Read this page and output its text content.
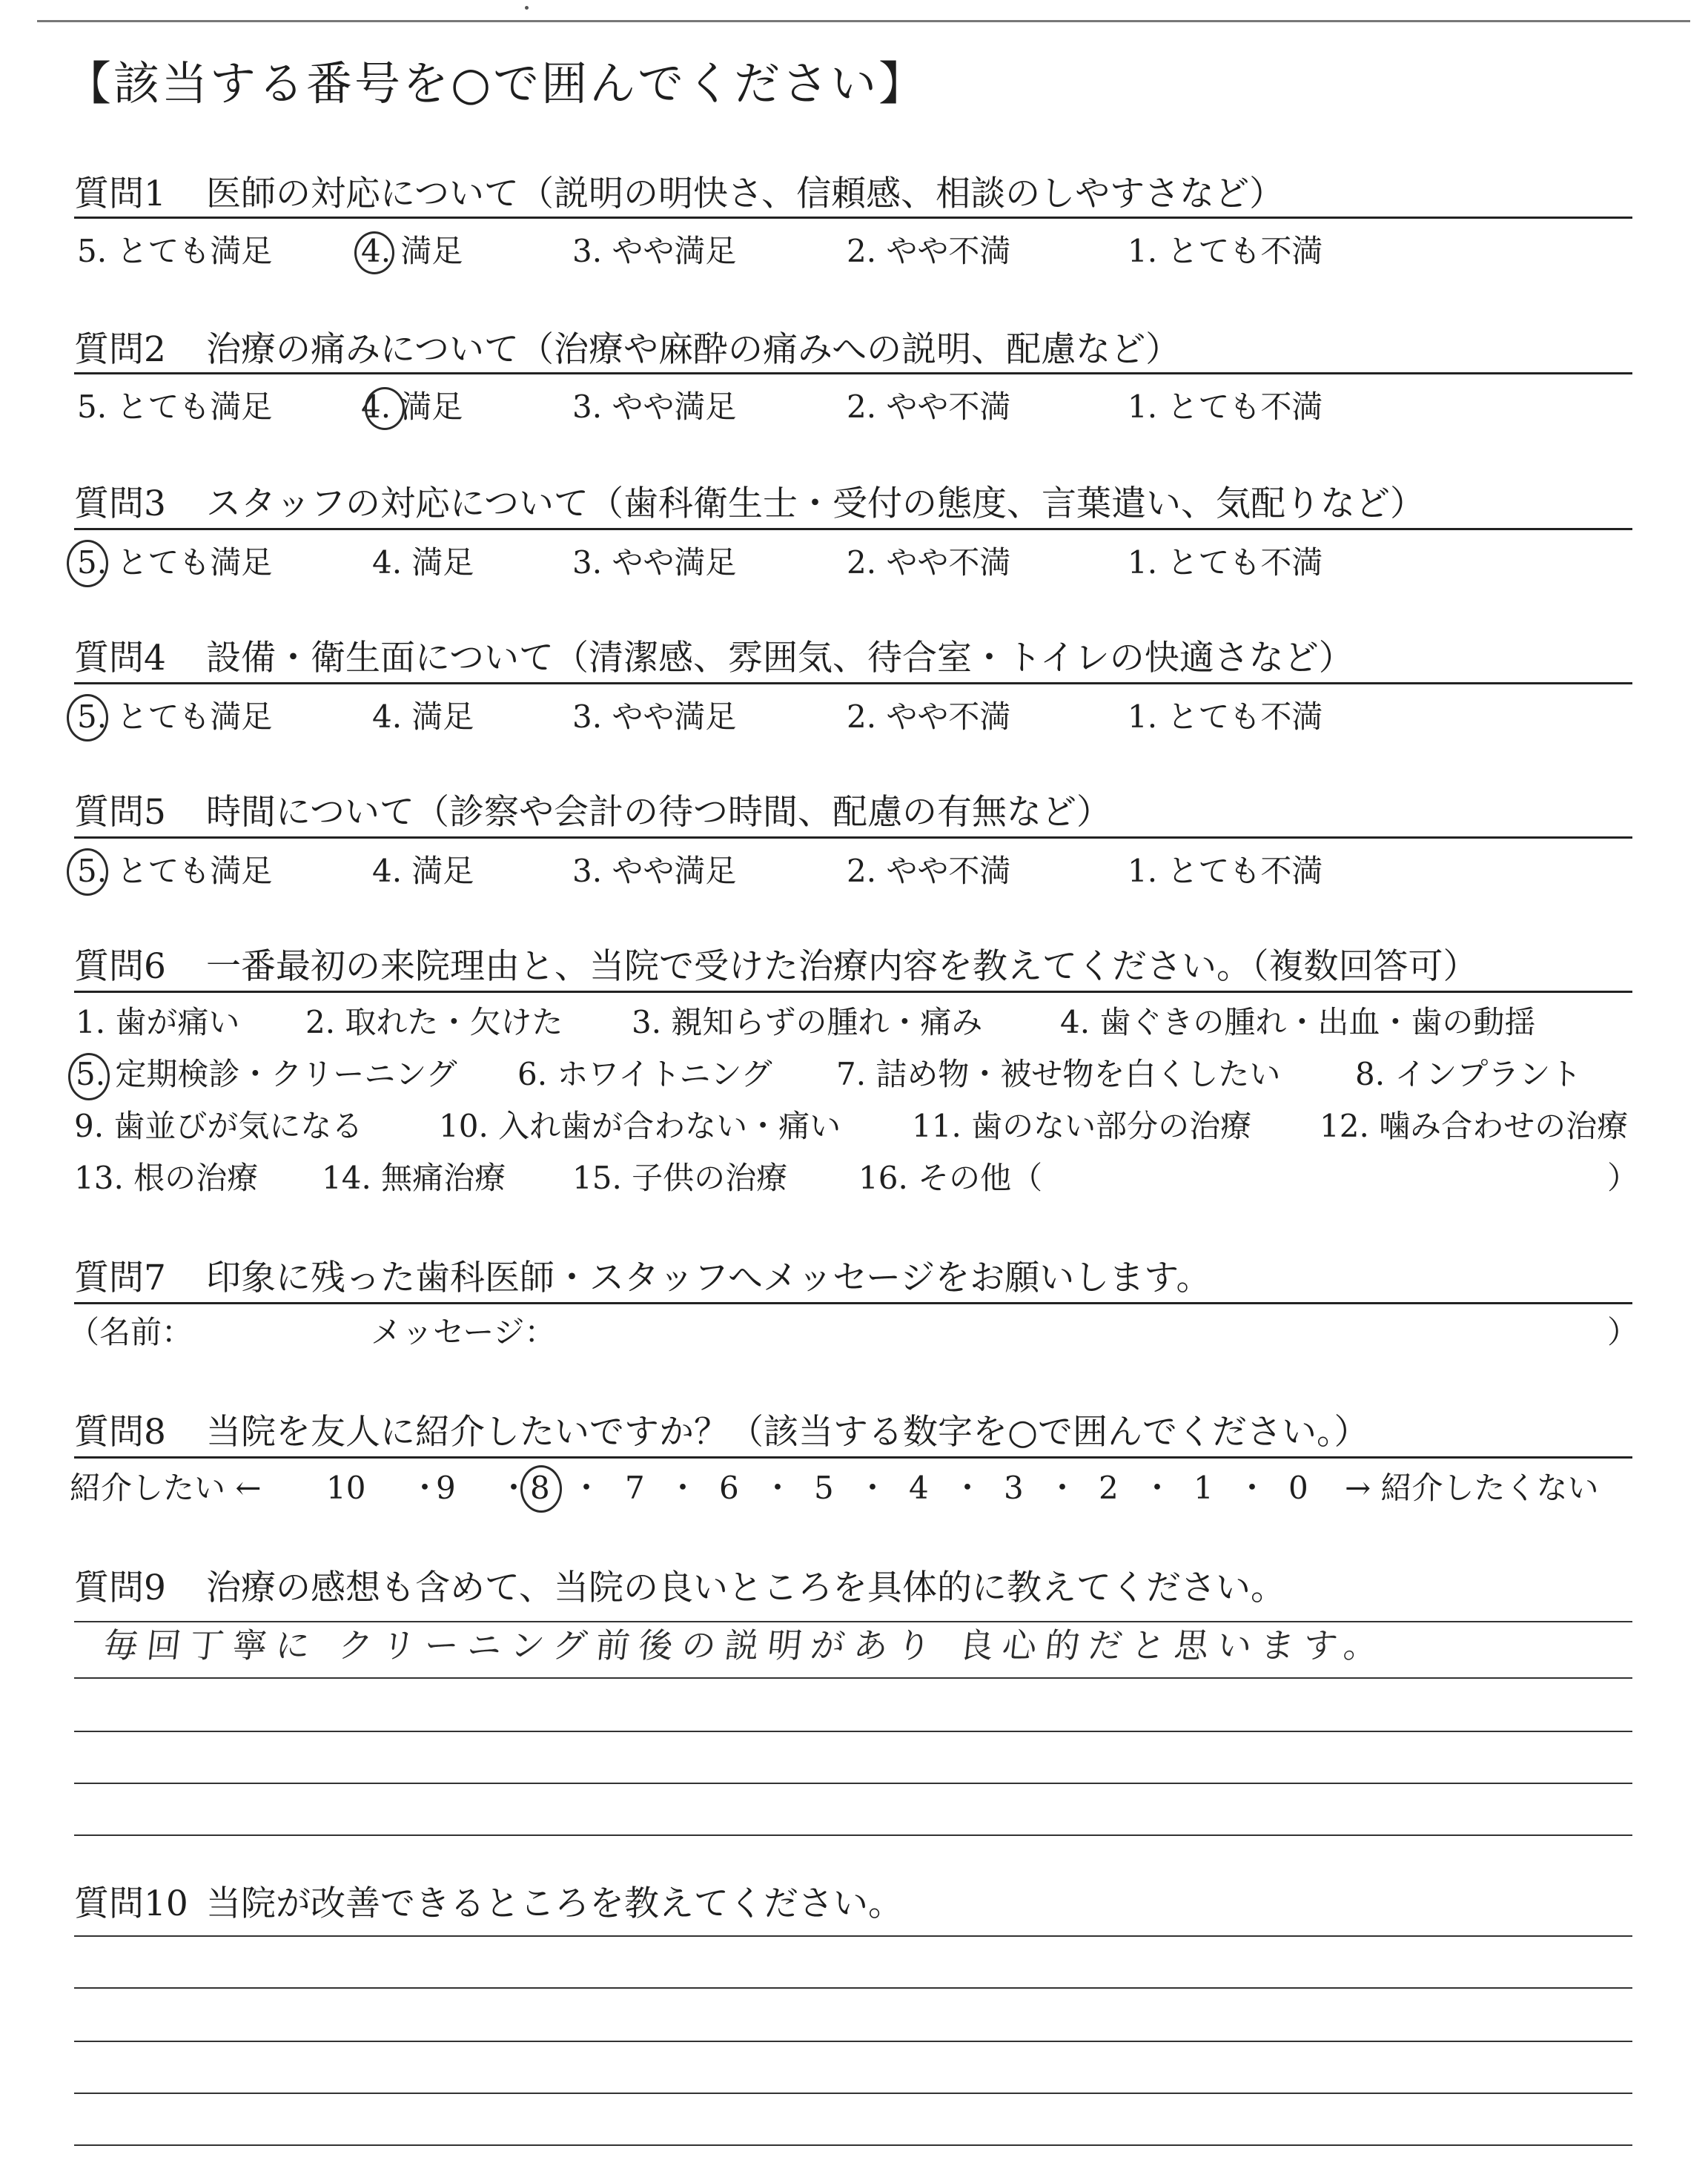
【該当する番号を○で囲んでください】
質問1 医師の対応について（説明の明快さ、信頼感、相談のしやすさなど）
5. とても満足	4. 満足	3. やや満足	2. やや不満	1. とても不満
質問2 治療の痛みについて（治療や麻酔の痛みへの説明、配慮など）
5. とても満足	4. 満足	3. やや満足	2. やや不満	1. とても不満
質問3 スタッフの対応について（歯科衛生士・受付の態度、言葉遣い、気配りなど）
5. とても満足	4. 満足	3. やや満足	2. やや不満	1. とても不満
質問4 設備・衛生面について（清潔感、雰囲気、待合室・トイレの快適さなど）
5. とても満足	4. 満足	3. やや満足	2. やや不満	1. とても不満
質問5 時間について（診察や会計の待つ時間、配慮の有無など）
5. とても満足	4. 満足	3. やや満足	2. やや不満	1. とても不満
質問6 一番最初の来院理由と、当院で受けた治療内容を教えてください。（複数回答可）
1. 歯が痛い 2. 取れた・欠けた 3. 親知らずの腫れ・痛み 4. 歯ぐきの腫れ・出血・歯の動揺
5. 定期検診・クリーニング 6. ホワイトニング 7. 詰め物・被せ物を白くしたい 8. インプラント
9. 歯並びが気になる 10. 入れ歯が合わない・痛い 11. 歯のない部分の治療 12. 噛み合わせの治療
13. 根の治療 14. 無痛治療 15. 子供の治療 16. その他（	）
質問7 印象に残った歯科医師・スタッフへメッセージをお願いします。
（名前：	メッセージ：	）
質問8 当院を友人に紹介したいですか？（該当する数字を○で囲んでください。）
紹介したい ← 10 ・
9 ・ 8 ・ 7 ・ 6 ・ 5 ・ 4 ・ 3 ・ 2 ・ 1 ・ 0 → 紹介したくない
質問9 治療の感想も含めて、当院の良いところを具体的に教えてください。
毎回丁寧に クリーニング前後の説明があり 良心的だと思います。
質問10 当院が改善できるところを教えてください。
